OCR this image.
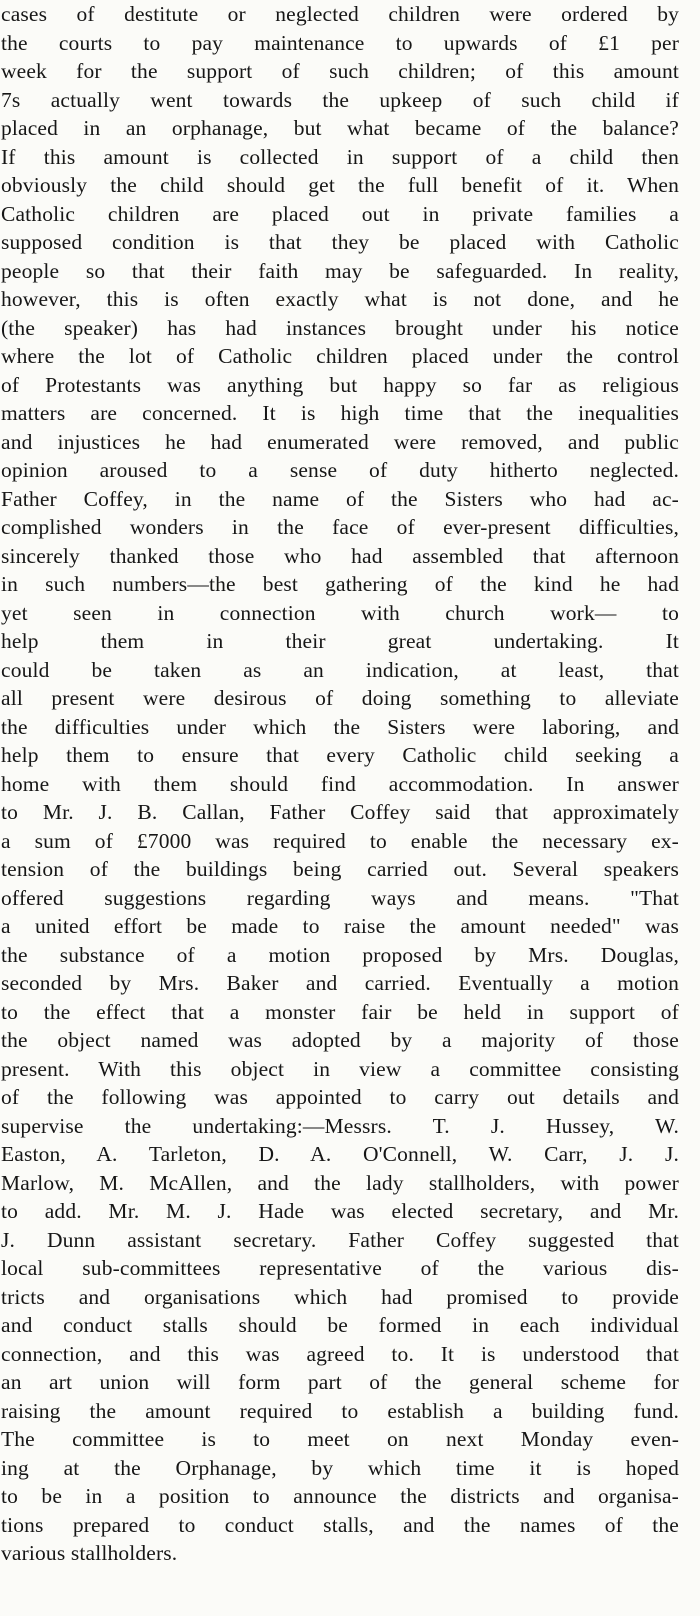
cases of destitute or neglected children were ordered by
the courts to pay maintenance to upwards of £1 per
week for the support of such children; of this amount
7s actually went towards the upkeep of such child if
placed in an orphanage, but what became of the balance?
If this amount is collected in support of a child then
obviously the child should get the full benefit of it. When
Catholic children are placed out in private families a
supposed condition is that they be placed with Catholic
people so that their faith may be safeguarded. In reality,
however, this is often exactly what is not done, and he
(the speaker) has had instances brought under his notice
where the lot of Catholic children placed under the control
of Protestants was anything but happy so far as religious
matters are concerned. It is high time that the inequalities
and injustices he had enumerated were removed, and public
opinion aroused to a sense of duty hitherto neglected.
Father Coffey, in the name of the Sisters who had ac-
complished wonders in the face of ever-present difficulties,
sincerely thanked those who had assembled that afternoon
in such numbers—the best gathering of the kind he had
yet seen in connection with church work— to
help them in their great undertaking. It
could be taken as an indication, at least, that
all present were desirous of doing something to alleviate
the difficulties under which the Sisters were laboring, and
help them to ensure that every Catholic child seeking a
home with them should find accommodation. In answer
to Mr. J. B. Callan, Father Coffey said that approximately
a sum of £7000 was required to enable the necessary ex-
tension of the buildings being carried out. Several speakers
offered suggestions regarding ways and means. "That
a united effort be made to raise the amount needed" was
the substance of a motion proposed by Mrs. Douglas,
seconded by Mrs. Baker and carried. Eventually a motion
to the effect that a monster fair be held in support of
the object named was adopted by a majority of those
present. With this object in view a committee consisting
of the following was appointed to carry out details and
supervise the undertaking:—Messrs. T. J. Hussey, W.
Easton, A. Tarleton, D. A. O'Connell, W. Carr, J. J.
Marlow, M. McAllen, and the lady stallholders, with power
to add. Mr. M. J. Hade was elected secretary, and Mr.
J. Dunn assistant secretary. Father Coffey suggested that
local sub-committees representative of the various dis-
tricts and organisations which had promised to provide
and conduct stalls should be formed in each individual
connection, and this was agreed to. It is understood that
an art union will form part of the general scheme for
raising the amount required to establish a building fund.
The committee is to meet on next Monday even-
ing at the Orphanage, by which time it is hoped
to be in a position to announce the districts and organisa-
tions prepared to conduct stalls, and the names of the
various stallholders.
